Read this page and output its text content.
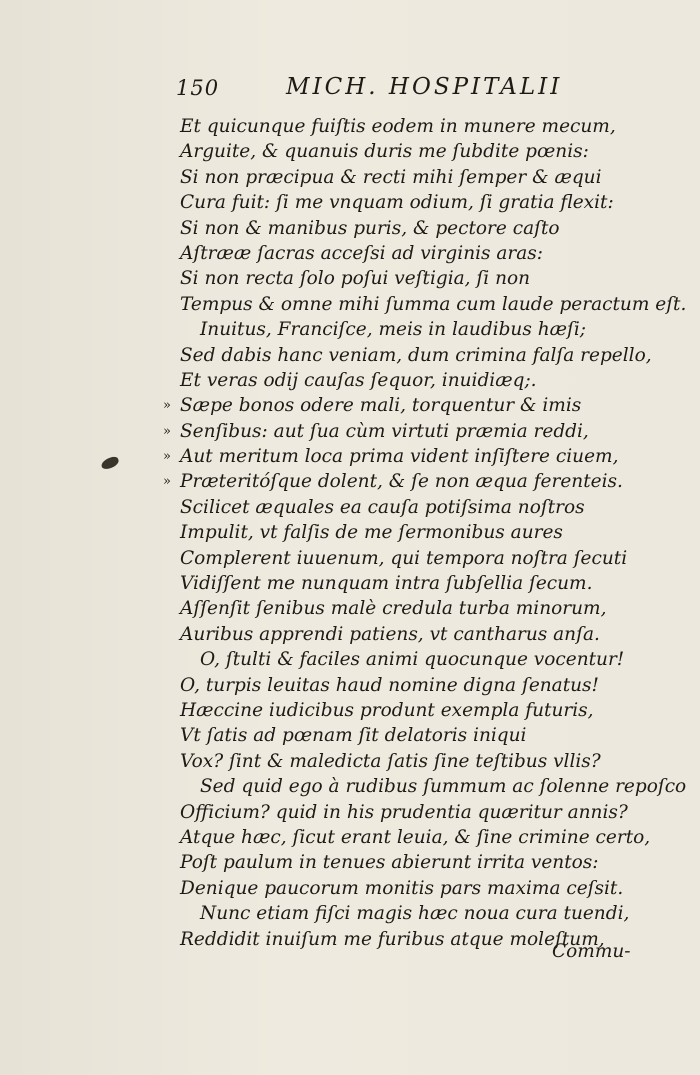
150	MICH. HOSPITALII
Et quicunque fuiſtis eodem in munere mecum,
Arguite, & quanuis duris me ſubdite pœnis:
Si non præcipua & recti mihi ſemper & æqui
Cura fuit: ſi me vnquam odium, ſi gratia flexit:
Si non & manibus puris, & pectore caſto
Aſtrææ ſacras acceſsi ad virginis aras:
Si non recta ſolo poſui veſtigia, ſi non
Tempus & omne mihi ſumma cum laude peractum eſt.
Inuitus, Franciſce, meis in laudibus hæſi;
Sed dabis hanc veniam, dum crimina falſa repello,
Et veras odij cauſas ſequor, inuidiæq;.
» Sæpe bonos odere mali, torquentur & imis
» Senſibus: aut ſua cùm virtuti præmia reddi,
» Aut meritum loca prima vident inſiſtere ciuem,
» Præteritóſque dolent, & ſe non æqua ferenteis.
Scilicet æquales ea cauſa potiſsima noſtros
Impulit, vt falſis de me ſermonibus aures
Complerent iuuenum, qui tempora noſtra ſecuti
Vidiſſent me nunquam intra ſubſellia ſecum.
Aſſenſit ſenibus malè credula turba minorum,
Auribus apprendi patiens, vt cantharus anſa.
O, ſtulti & faciles animi quocunque vocentur!
O, turpis leuitas haud nomine digna ſenatus!
Hæccine iudicibus produnt exempla futuris,
Vt ſatis ad pœnam ſit delatoris iniqui
Vox? ſint & maledicta ſatis ſine teſtibus vllis?
Sed quid ego à rudibus ſummum ac ſolenne repoſco
Officium? quid in his prudentia quæritur annis?
Atque hæc, ſicut erant leuia, & ſine crimine certo,
Poſt paulum in tenues abierunt irrita ventos:
Denique paucorum monitis pars maxima ceſsit.
Nunc etiam fiſci magis hæc noua cura tuendi,
Reddidit inuiſum me furibus atque moleſtum,
Commu-
